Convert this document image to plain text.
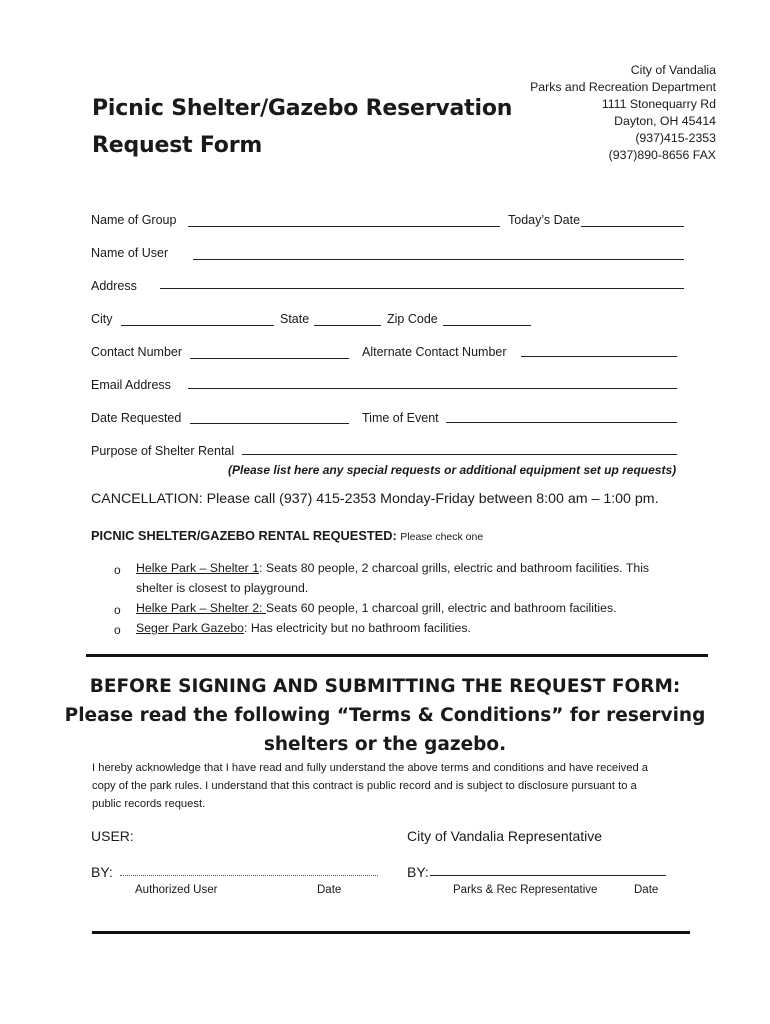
Picnic Shelter/Gazebo Reservation
Request Form
City of Vandalia
Parks and Recreation Department
1111 Stonequarry Rd
Dayton, OH 45414
(937)415-2353
(937)890-8656 FAX
Name of Group	Today’s Date
Name of User
Address
City	State	Zip Code
Contact Number	Alternate Contact Number
Email Address
Date Requested	Time of Event
Purpose of Shelter Rental
(Please list here any special requests or additional equipment set up requests)
CANCELLATION: Please call (937) 415-2353 Monday-Friday between 8:00 am – 1:00 pm.
PICNIC SHELTER/GAZEBO RENTAL REQUESTED: Please check one
o Helke Park – Shelter 1: Seats 80 people, 2 charcoal grills, electric and bathroom facilities. This
shelter is closest to playground.
o Helke Park – Shelter 2: Seats 60 people, 1 charcoal grill, electric and bathroom facilities.
o Seger Park Gazebo: Has electricity but no bathroom facilities.
BEFORE SIGNING AND SUBMITTING THE REQUEST FORM:
Please read the following “Terms & Conditions” for reserving
shelters or the gazebo.
I hereby acknowledge that I have read and fully understand the above terms and conditions and have received a
copy of the park rules. I understand that this contract is public record and is subject to disclosure pursuant to a
public records request.
USER:	City of Vandalia Representative
BY:	BY:
Authorized User	Date	Parks & Rec Representative	Date
